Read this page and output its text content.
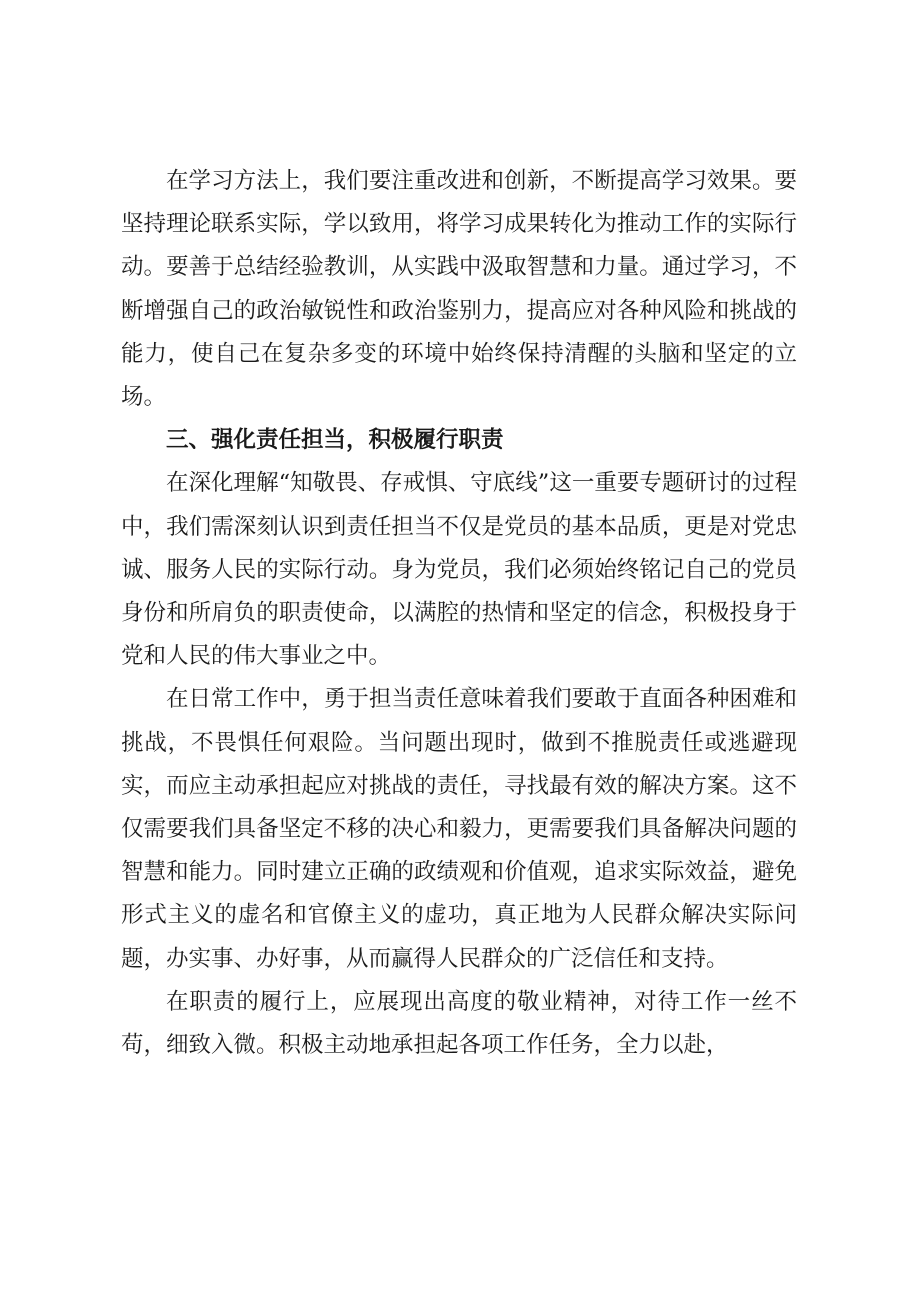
在学习方法上，我们要注重改进和创新，不断提高学习效果。要坚持理论联系实际，学以致用，将学习成果转化为推动工作的实际行动。要善于总结经验教训，从实践中汲取智慧和力量。通过学习，不断增强自己的政治敏锐性和政治鉴别力，提高应对各种风险和挑战的能力，使自己在复杂多变的环境中始终保持清醒的头脑和坚定的立场。

三、强化责任担当，积极履行职责

在深化理解“知敬畏、存戒惧、守底线”这一重要专题研讨的过程中，我们需深刻认识到责任担当不仅是党员的基本品质，更是对党忠诚、服务人民的实际行动。身为党员，我们必须始终铭记自己的党员身份和所肩负的职责使命，以满腔的热情和坚定的信念，积极投身于党和人民的伟大事业之中。

在日常工作中，勇于担当责任意味着我们要敢于直面各种困难和挑战，不畏惧任何艰险。当问题出现时，做到不推脱责任或逃避现实，而应主动承担起应对挑战的责任，寻找最有效的解决方案。这不仅需要我们具备坚定不移的决心和毅力，更需要我们具备解决问题的智慧和能力。同时建立正确的政绩观和价值观，追求实际效益，避免形式主义的虚名和官僚主义的虚功，真正地为人民群众解决实际问题，办实事、办好事，从而赢得人民群众的广泛信任和支持。

在职责的履行上，应展现出高度的敬业精神，对待工作一丝不苟，细致入微。积极主动地承担起各项工作任务，全力以赴，
